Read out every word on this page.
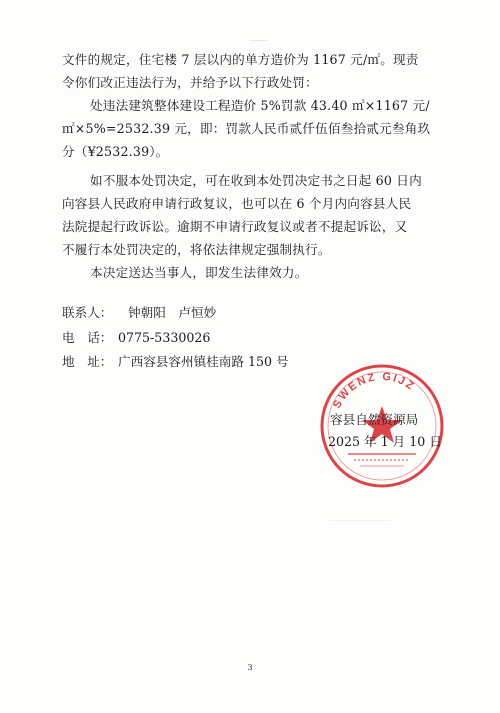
文件的规定，住宅楼 7 层以内的单方造价为 1167 元/㎡。现责
令你们改正违法行为，并给予以下行政处罚：
处违法建筑整体建设工程造价 5%罚款 43.40 ㎡×1167 元/
㎡×5%=2532.39 元，即：罚款人民币贰仟伍佰叁拾贰元叁角玖
分（¥2532.39）。
如不服本处罚决定，可在收到本处罚决定书之日起 60 日内
向容县人民政府申请行政复议，也可以在 6 个月内向容县人民
法院提起行政诉讼。逾期不申请行政复议或者不提起诉讼，又
不履行本处罚决定的，将依法律规定强制执行。
本决定送达当事人，即发生法律效力。
联系人： 钟朝阳　卢恒妙
电　话： 0775-5330026
地　址： 广西容县容州镇桂南路 150 号
SWENZ GIJZ
容县自然资源局
2025 年 1 月 10 日
3
